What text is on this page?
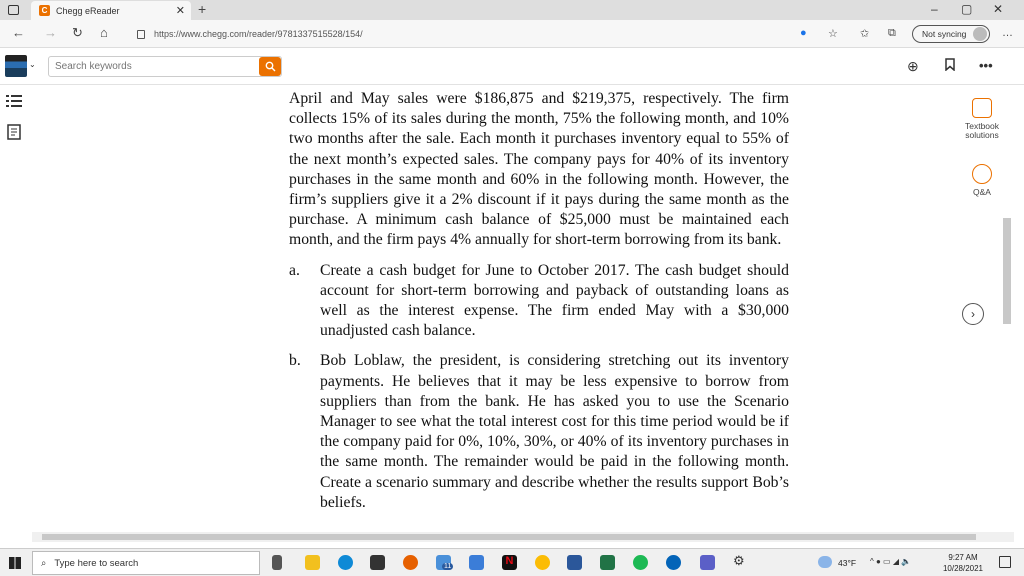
C Chegg eReader	✕ +	– ▢ ✕
← → ↻ ⌂	https://www.chegg.com/reader/9781337515528/154/	● ☆ ✩ ⧉	Not syncing	…
⌄
Search keywords	⊕	•••

April and May sales were $186,875 and $219,375, respectively. The firm collects 15% of its sales during the month, 75% the following month, and 10% two months after the sale. Each month it purchases inventory equal to 55% of the next month’s expected sales. The company pays for 40% of its inventory purchases in the same month and 60% in the following month. However, the firm’s suppliers give it a 2% discount if it pays during the same month as the purchase. A minimum cash balance of $25,000 must be maintained each month, and the firm pays 4% annually for short-term borrowing from its bank.

a.	Create a cash budget for June to October 2017. The cash budget should account for short-term borrowing and payback of outstanding loans as well as the interest expense. The firm ended May with a $30,000 unadjusted cash balance.
b.	Bob Loblaw, the president, is considering stretching out its inventory payments. He believes that it may be less expensive to borrow from suppliers than from the bank. He has asked you to use the Scenario Manager to see what the total interest cost for this time period would be if the company paid for 0%, 10%, 30%, or 40% of its inventory purchases in the same month. The remainder would be paid in the following month. Create a scenario summary and describe whether the results support Bob’s beliefs.
Textbook solutions
Q&A
›
⌕ Type here to search	11	N	⚙	43°F ^ ● ▭ ◢ 🔈	9:27 AM
10/28/2021
